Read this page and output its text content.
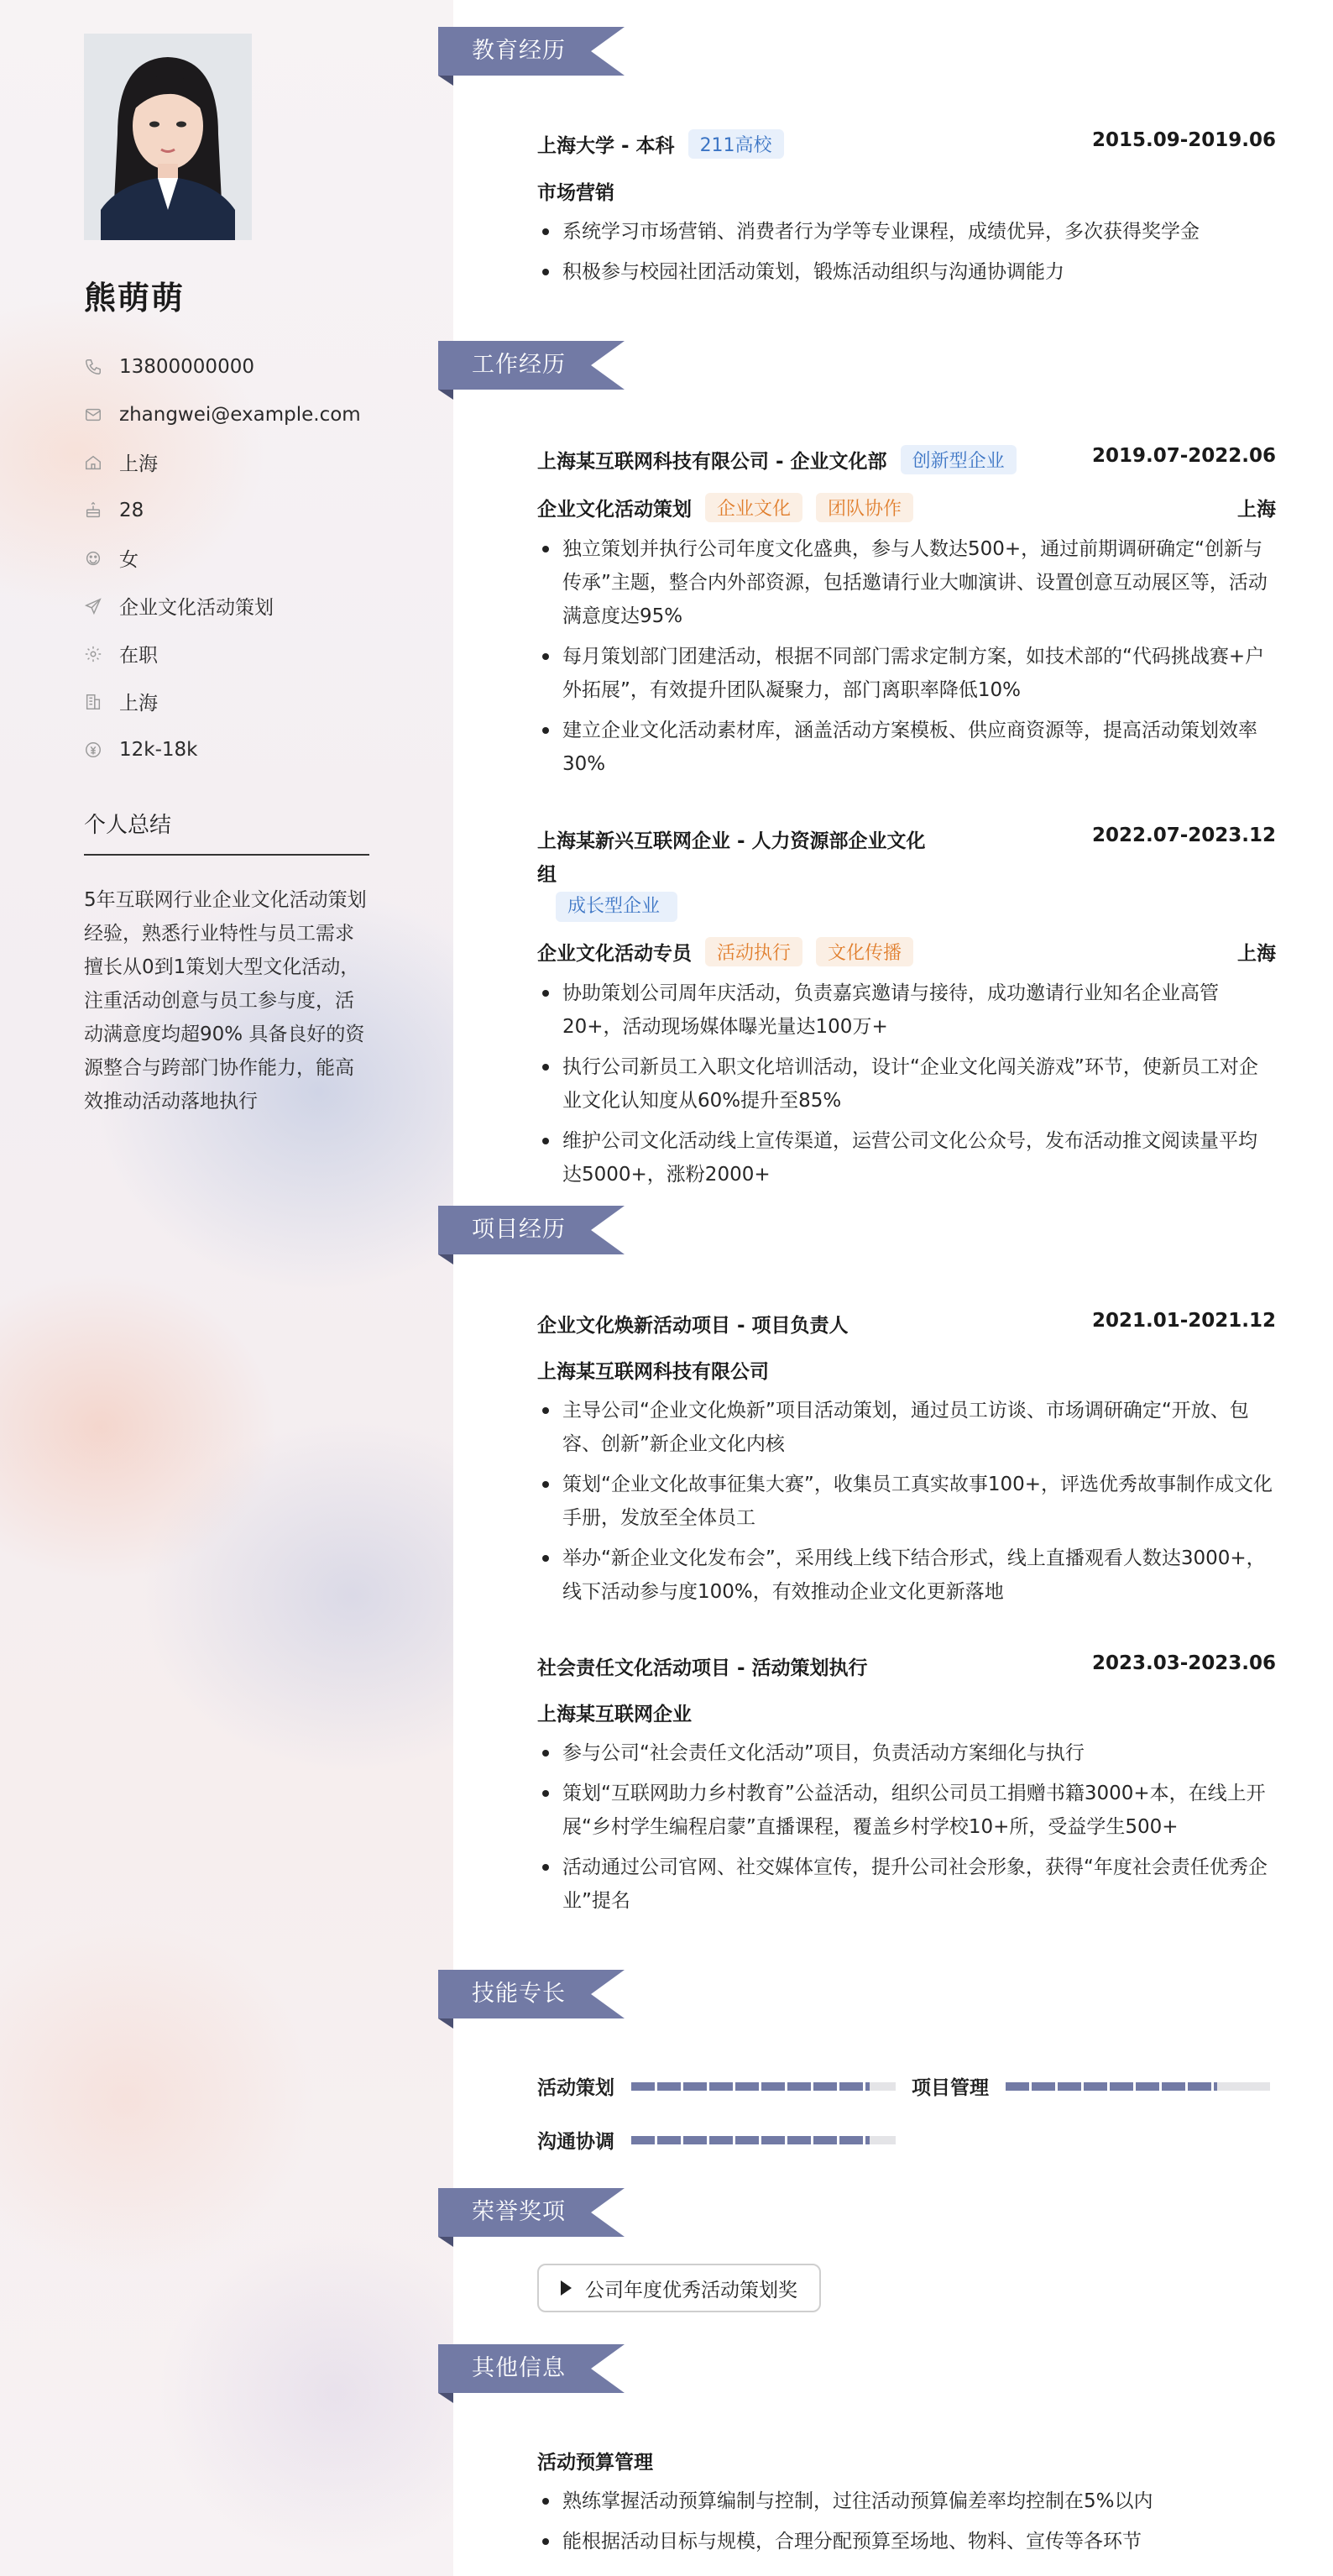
熊萌萌
13800000000
zhangwei@example.com
上海
28
女
企业文化活动策划
在职
上海
12k-18k
个人总结
5年互联网行业企业文化活动策划经验，熟悉行业特性与员工需求 擅长从0到1策划大型文化活动，注重活动创意与员工参与度，活动满意度均超90% 具备良好的资源整合与跨部门协作能力，能高效推动活动落地执行
教育经历
上海大学 - 本科	211高校	2015.09-2019.06
市场营销
系统学习市场营销、消费者行为学等专业课程，成绩优异，多次获得奖学金
积极参与校园社团活动策划，锻炼活动组织与沟通协调能力
工作经历
上海某互联网科技有限公司 - 企业文化部	创新型企业	2019.07-2022.06
企业文化活动策划	企业文化	团队协作	上海
独立策划并执行公司年度文化盛典，参与人数达500+，通过前期调研确定“创新与传承”主题，整合内外部资源，包括邀请行业大咖演讲、设置创意互动展区等，活动满意度达95%
每月策划部门团建活动，根据不同部门需求定制方案，如技术部的“代码挑战赛+户外拓展”，有效提升团队凝聚力，部门离职率降低10%
建立企业文化活动素材库，涵盖活动方案模板、供应商资源等，提高活动策划效率30%
上海某新兴互联网企业 - 人力资源部企业文化组
成长型企业
2022.07-2023.12
企业文化活动专员	活动执行	文化传播	上海
协助策划公司周年庆活动，负责嘉宾邀请与接待，成功邀请行业知名企业高管20+，活动现场媒体曝光量达100万+
执行公司新员工入职文化培训活动，设计“企业文化闯关游戏”环节，使新员工对企业文化认知度从60%提升至85%
维护公司文化活动线上宣传渠道，运营公司文化公众号，发布活动推文阅读量平均达5000+，涨粉2000+
项目经历
企业文化焕新活动项目 - 项目负责人	2021.01-2021.12
上海某互联网科技有限公司
主导公司“企业文化焕新”项目活动策划，通过员工访谈、市场调研确定“开放、包容、创新”新企业文化内核
策划“企业文化故事征集大赛”，收集员工真实故事100+，评选优秀故事制作成文化手册，发放至全体员工
举办“新企业文化发布会”，采用线上线下结合形式，线上直播观看人数达3000+，线下活动参与度100%，有效推动企业文化更新落地
社会责任文化活动项目 - 活动策划执行	2023.03-2023.06
上海某互联网企业
参与公司“社会责任文化活动”项目，负责活动方案细化与执行
策划“互联网助力乡村教育”公益活动，组织公司员工捐赠书籍3000+本，在线上开展“乡村学生编程启蒙”直播课程，覆盖乡村学校10+所，受益学生500+
活动通过公司官网、社交媒体宣传，提升公司社会形象，获得“年度社会责任优秀企业”提名
技能专长
活动策划	项目管理
沟通协调
荣誉奖项
公司年度优秀活动策划奖
其他信息
活动预算管理
熟练掌握活动预算编制与控制，过往活动预算偏差率均控制在5%以内
能根据活动目标与规模，合理分配预算至场地、物料、宣传等各环节
